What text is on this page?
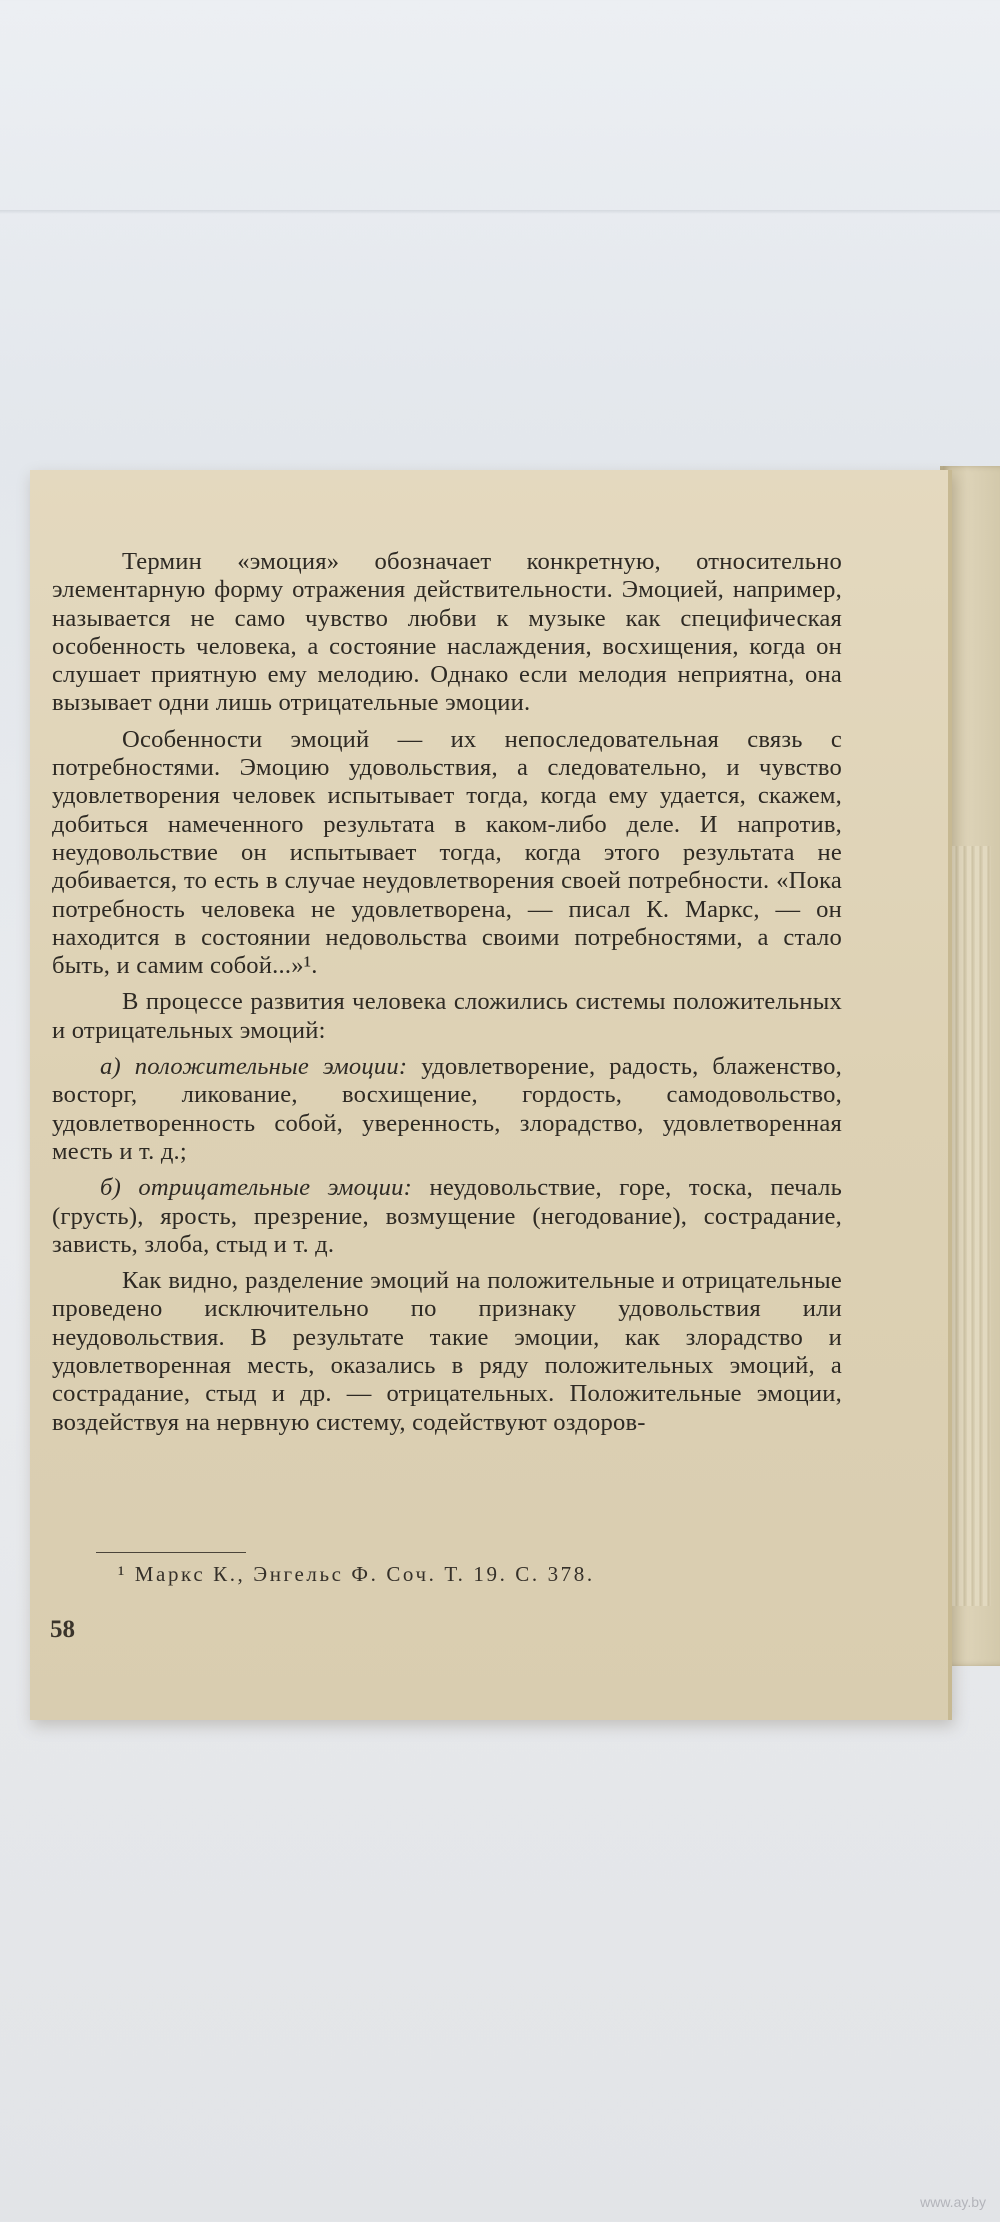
Термин «эмоция» обозначает конкретную, относительно элементарную форму отражения действительности. Эмоцией, например, называется не само чувство любви к музыке как специфическая особенность человека, а состояние наслаждения, восхищения, когда он слушает приятную ему мелодию. Однако если мелодия неприятна, она вызывает одни лишь отрицательные эмоции.

Особенности эмоций — их непоследовательная связь с потребностями. Эмоцию удовольствия, а следовательно, и чувство удовлетворения человек испытывает тогда, когда ему удается, скажем, добиться намеченного результата в каком-либо деле. И напротив, неудовольствие он испытывает тогда, когда этого результата не добивается, то есть в случае неудовлетворения своей потребности. «Пока потребность человека не удовлетворена, — писал К. Маркс, — он находится в состоянии недовольства своими потребностями, а стало быть, и самим собой...»¹.

В процессе развития человека сложились системы положительных и отрицательных эмоций:

а) положительные эмоции: удовлетворение, радость, блаженство, восторг, ликование, восхищение, гордость, самодовольство, удовлетворенность собой, уверенность, злорадство, удовлетворенная месть и т. д.;

б) отрицательные эмоции: неудовольствие, горе, тоска, печаль (грусть), ярость, презрение, возмущение (негодование), сострадание, зависть, злоба, стыд и т. д.

Как видно, разделение эмоций на положительные и отрицательные проведено исключительно по признаку удовольствия или неудовольствия. В результате такие эмоции, как злорадство и удовлетворенная месть, оказались в ряду положительных эмоций, а сострадание, стыд и др. — отрицательных. Положительные эмоции, воздействуя на нервную систему, содействуют оздоров-

¹ Маркс К., Энгельс Ф. Соч. Т. 19. С. 378.
58
www.ay.by
